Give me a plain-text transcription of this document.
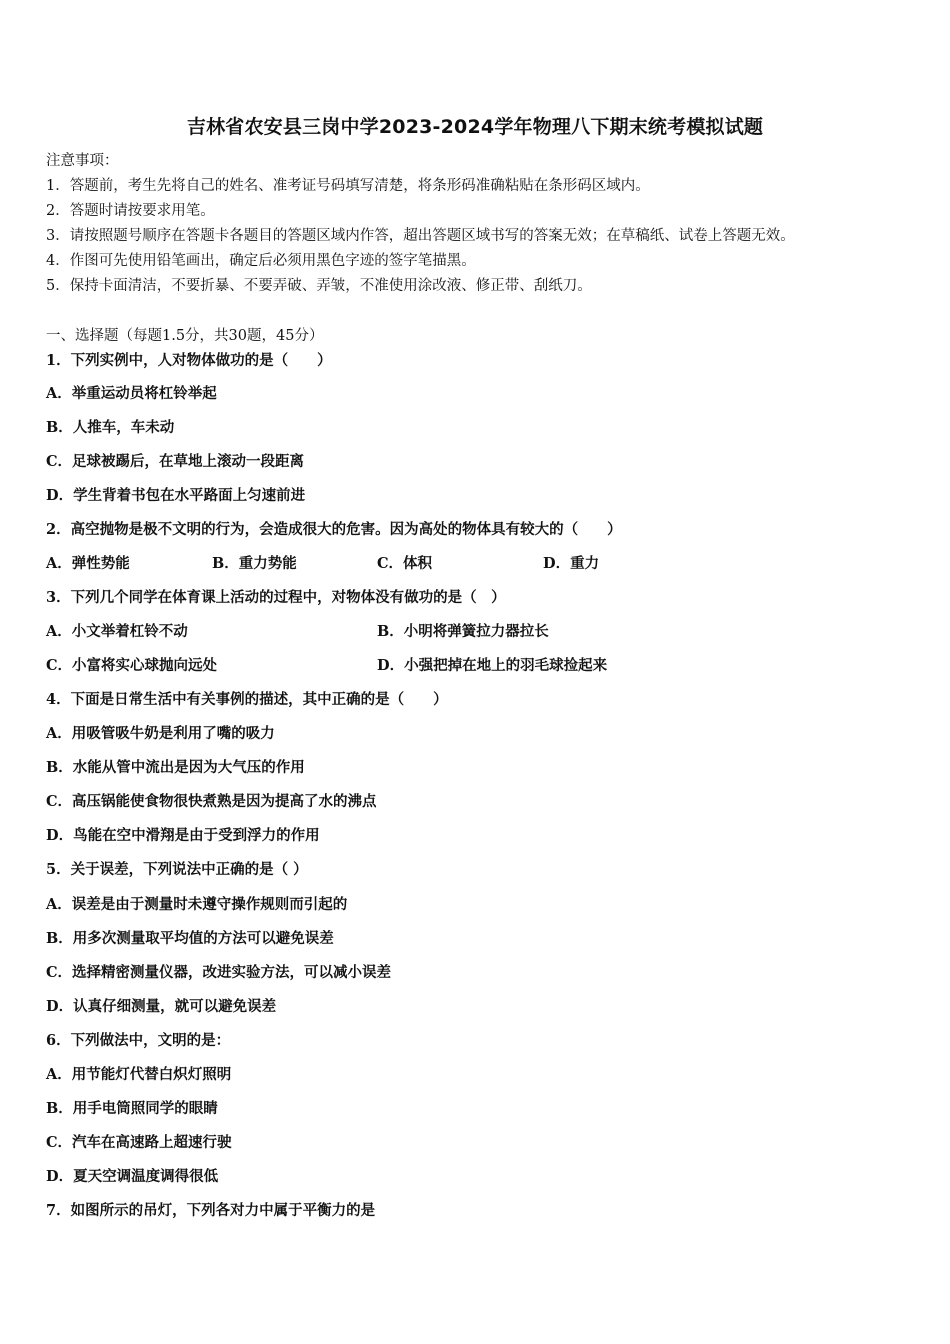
吉林省农安县三岗中学2023-2024学年物理八下期末统考模拟试题
注意事项：
1．答题前，考生先将自己的姓名、准考证号码填写清楚，将条形码准确粘贴在条形码区域内。
2．答题时请按要求用笔。
3．请按照题号顺序在答题卡各题目的答题区域内作答，超出答题区域书写的答案无效；在草稿纸、试卷上答题无效。
4．作图可先使用铅笔画出，确定后必须用黑色字迹的签字笔描黑。
5．保持卡面清洁，不要折暴、不要弄破、弄皱，不准使用涂改液、修正带、刮纸刀。
一、选择题（每题1.5分，共30题，45分）
1．下列实例中，人对物体做功的是（　　）
A．举重运动员将杠铃举起
B．人推车，车未动
C．足球被踢后，在草地上滚动一段距离
D．学生背着书包在水平路面上匀速前进
2．高空抛物是极不文明的行为，会造成很大的危害。因为高处的物体具有较大的（　　）
A．弹性势能	B．重力势能	C．体积	D．重力
3．下列几个同学在体育课上活动的过程中，对物体没有做功的是（　）
A．小文举着杠铃不动	B．小明将弹簧拉力器拉长
C．小富将实心球抛向远处	D．小强把掉在地上的羽毛球捡起来
4．下面是日常生活中有关事例的描述，其中正确的是（　　）
A．用吸管吸牛奶是利用了嘴的吸力
B．水能从管中流出是因为大气压的作用
C．高压锅能使食物很快煮熟是因为提高了水的沸点
D．鸟能在空中滑翔是由于受到浮力的作用
5．关于误差，下列说法中正确的是（ ）
A．误差是由于测量时未遵守操作规则而引起的
B．用多次测量取平均值的方法可以避免误差
C．选择精密测量仪器，改进实验方法，可以减小误差
D．认真仔细测量，就可以避免误差
6．下列做法中，文明的是：
A．用节能灯代替白炽灯照明
B．用手电筒照同学的眼睛
C．汽车在高速路上超速行驶
D．夏天空调温度调得很低
7．如图所示的吊灯，下列各对力中属于平衡力的是
